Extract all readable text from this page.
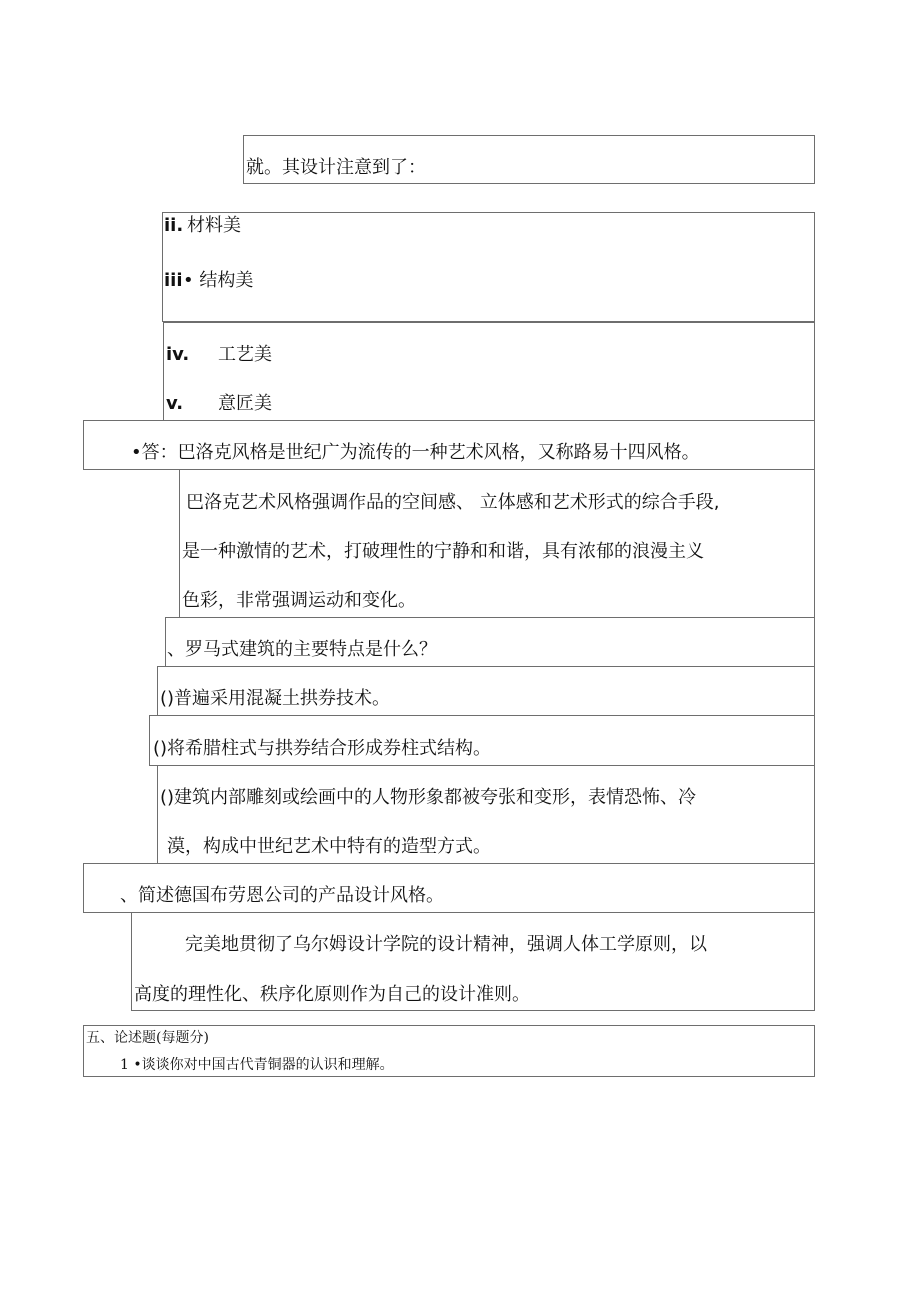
就。其设计注意到了：
ii. 材料美
iii • 结构美
iv. 工艺美
v. 意匠美
•答：巴洛克风格是世纪广为流传的一种艺术风格，又称路易十四风格。
巴洛克艺术风格强调作品的空间感、 立体感和艺术形式的综合手段,
是一种激情的艺术，打破理性的宁静和和谐，具有浓郁的浪漫主义
色彩，非常强调运动和变化。
、罗马式建筑的主要特点是什么？
()普遍采用混凝土拱券技术。
()将希腊柱式与拱券结合形成券柱式结构。
()建筑内部雕刻或绘画中的人物形象都被夸张和变形，表情恐怖、冷
漠，构成中世纪艺术中特有的造型方式。
、简述德国布劳恩公司的产品设计风格。
完美地贯彻了乌尔姆设计学院的设计精神，强调人体工学原则，以
高度的理性化、秩序化原则作为自己的设计准则。
五、论述题(每题分)
1 •谈谈你对中国古代青铜器的认识和理解。
